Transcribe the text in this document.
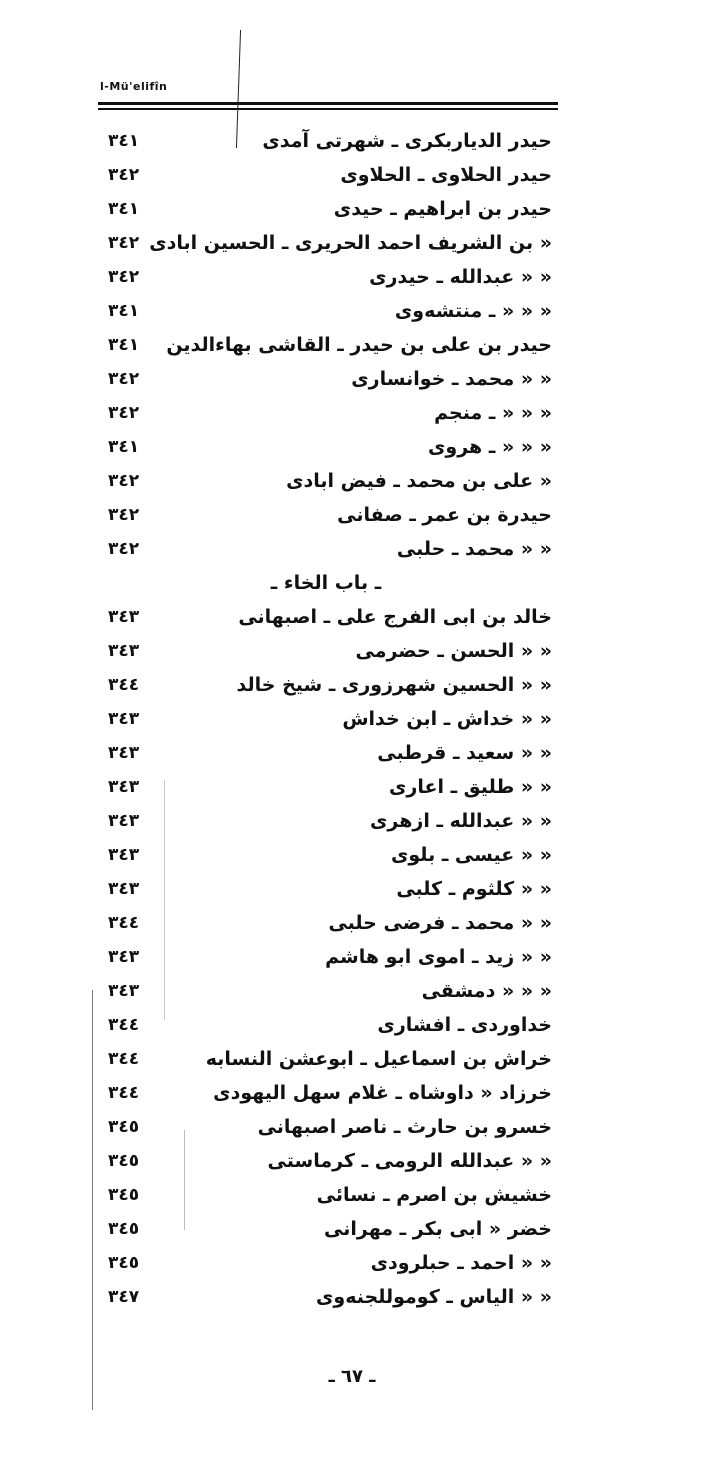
l-Mü'elifîn
حيدر الدياربكرى ـ شهرتى آمدى
٣٤١
حيدر الحلاوى ـ الحلاوى
٣٤٢
حيدر بن ابراهيم ـ حيدى
٣٤١
« بن الشريف احمد الحريرى ـ الحسين ابادى
٣٤٢
« « عبدالله ـ حيدرى
٣٤٢
« « « ـ منتشه‌وى
٣٤١
حيدر بن على بن حيدر ـ القاشى بهاءالدين
٣٤١
« « محمد ـ خوانسارى
٣٤٢
« « « ـ منجم
٣٤٢
« « « ـ هروى
٣٤١
« على بن محمد ـ فيض ابادى
٣٤٢
حيدرة بن عمر ـ صفانى
٣٤٢
« « محمد ـ حلبى
٣٤٢
ـ باب الخاء ـ
خالد بن ابى الفرج على ـ اصبهانى
٣٤٣
« « الحسن ـ حضرمى
٣٤٣
« « الحسين شهرزورى ـ شيخ خالد
٣٤٤
« « خداش ـ ابن خداش
٣٤٣
« « سعيد ـ قرطبى
٣٤٣
« « طليق ـ اعارى
٣٤٣
« « عبدالله ـ ازهرى
٣٤٣
« « عيسى ـ بلوى
٣٤٣
« « كلثوم ـ كلبى
٣٤٣
« « محمد ـ فرضى حلبى
٣٤٤
« « زيد ـ اموى ابو هاشم
٣٤٣
« « « دمشقى
٣٤٣
خداوردى ـ افشارى
٣٤٤
خراش بن اسماعيل ـ ابوعشن النسابه
٣٤٤
خرزاد « داوشاه ـ غلام سهل اليهودى
٣٤٤
خسرو بن حارث ـ ناصر اصبهانى
٣٤٥
« « عبدالله الرومى ـ كرماستى
٣٤٥
خشيش بن اصرم ـ نسائى
٣٤٥
خضر « ابى بكر ـ مهرانى
٣٤٥
« « احمد ـ حبلرودى
٣٤٥
« « الياس ـ كوموللجنه‌وى
٣٤٧
ـ ٦٧ ـ
